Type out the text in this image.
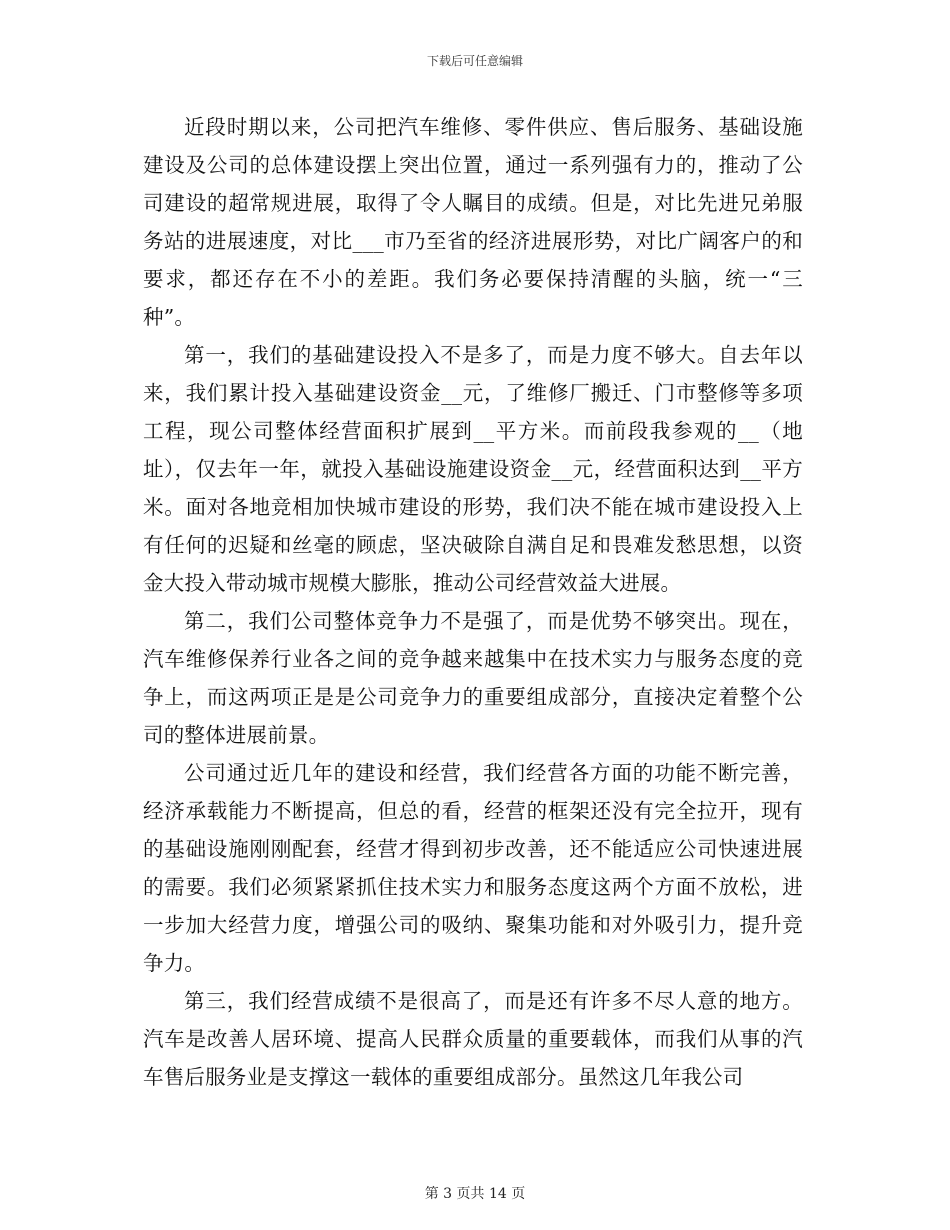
下载后可任意编辑

近段时期以来，公司把汽车维修、零件供应、售后服务、基础设施建设及公司的总体建设摆上突出位置，通过一系列强有力的，推动了公司建设的超常规进展，取得了令人瞩目的成绩。但是，对比先进兄弟服务站的进展速度，对比___市乃至省的经济进展形势，对比广阔客户的和要求，都还存在不小的差距。我们务必要保持清醒的头脑，统一“三种”。

第一，我们的基础建设投入不是多了，而是力度不够大。自去年以来，我们累计投入基础建设资金__元，了维修厂搬迁、门市整修等多项工程，现公司整体经营面积扩展到__平方米。而前段我参观的__（地址），仅去年一年，就投入基础设施建设资金__元，经营面积达到__平方米。面对各地竞相加快城市建设的形势，我们决不能在城市建设投入上有任何的迟疑和丝毫的顾虑，坚决破除自满自足和畏难发愁思想，以资金大投入带动城市规模大膨胀，推动公司经营效益大进展。

第二，我们公司整体竞争力不是强了，而是优势不够突出。现在，汽车维修保养行业各之间的竞争越来越集中在技术实力与服务态度的竞争上，而这两项正是是公司竞争力的重要组成部分，直接决定着整个公司的整体进展前景。

公司通过近几年的建设和经营，我们经营各方面的功能不断完善，经济承载能力不断提高，但总的看，经营的框架还没有完全拉开，现有的基础设施刚刚配套，经营才得到初步改善，还不能适应公司快速进展的需要。我们必须紧紧抓住技术实力和服务态度这两个方面不放松，进一步加大经营力度，增强公司的吸纳、聚集功能和对外吸引力，提升竞争力。

第三，我们经营成绩不是很高了，而是还有许多不尽人意的地方。汽车是改善人居环境、提高人民群众质量的重要载体，而我们从事的汽车售后服务业是支撑这一载体的重要组成部分。虽然这几年我公司

第 3 页共 14 页
